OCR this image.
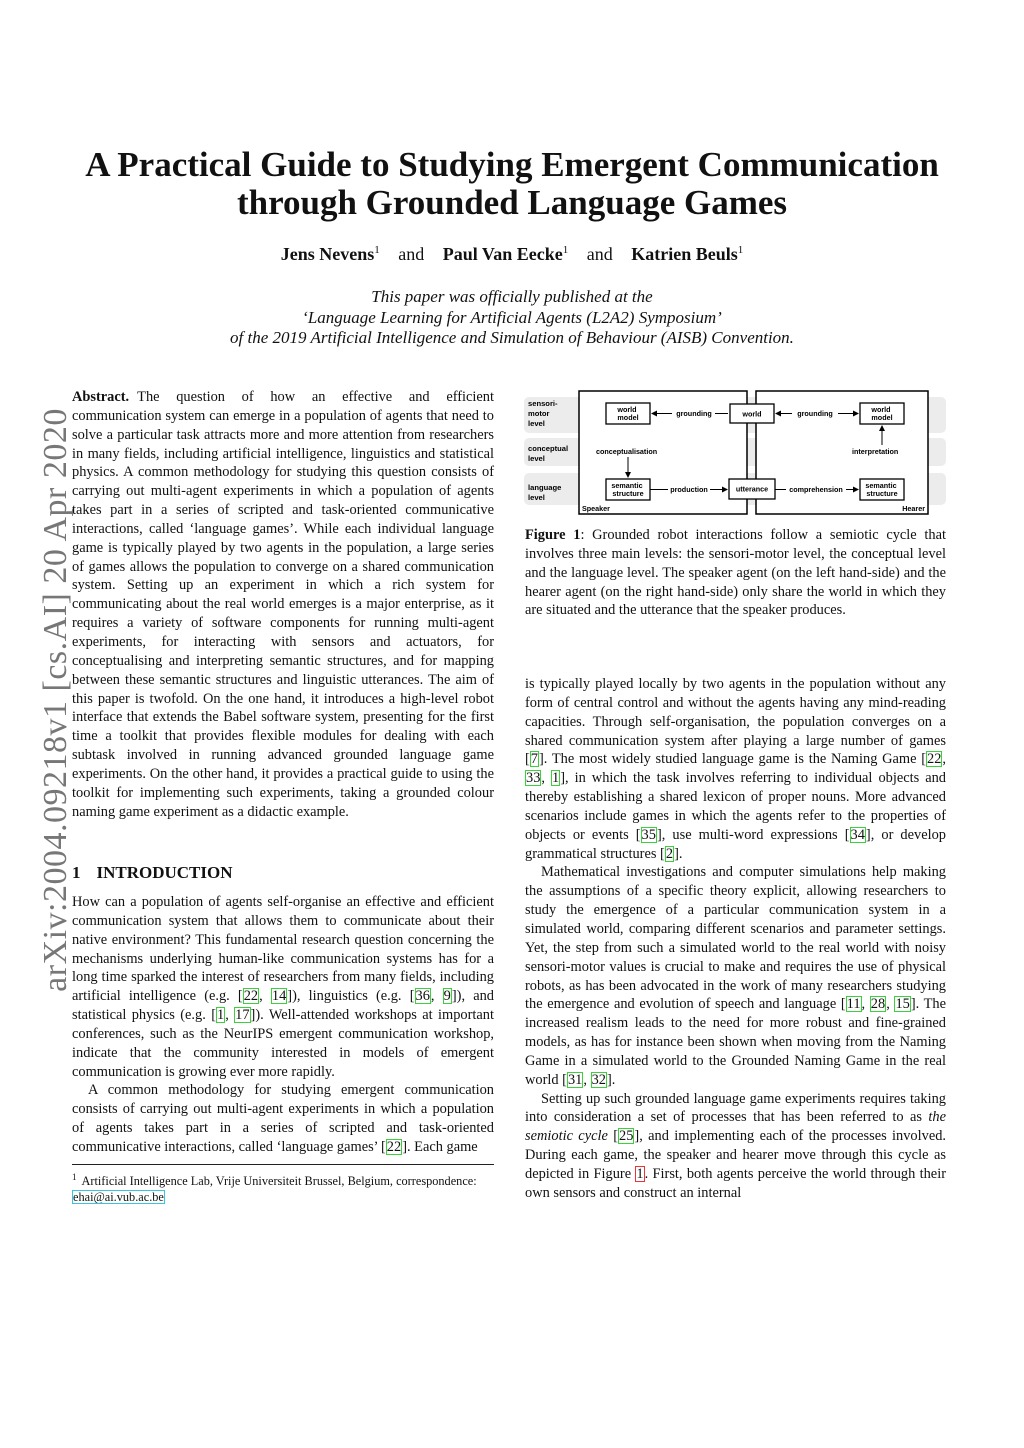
arXiv:2004.09218v1 [cs.AI] 20 Apr 2020
A Practical Guide to Studying Emergent Communication
through Grounded Language Games
Jens Nevens$^1$ and Paul Van Eecke$^1$ and Katrien Beuls$^1$
This paper was officially published at the
‘Language Learning for Artificial Agents (L2A2) Symposium’
of the 2019 Artificial Intelligence and Simulation of Behaviour (AISB) Convention.

Abstract. The question of how an effective and efficient communication system can emerge in a population of agents that need to solve a particular task attracts more and more attention from researchers in many fields, including artificial intelligence, linguistics and statistical physics. A common methodology for studying this question consists of carrying out multi-agent experiments in which a population of agents takes part in a series of scripted and task-oriented communicative interactions, called ‘language games’. While each individual language game is typically played by two agents in the population, a large series of games allows the population to converge on a shared communication system. Setting up an experiment in which a rich system for communicating about the real world emerges is a major enterprise, as it requires a variety of software components for running multi-agent experiments, for interacting with sensors and actuators, for conceptualising and interpreting semantic structures, and for mapping between these semantic structures and linguistic utterances. The aim of this paper is twofold. On the one hand, it introduces a high-level robot interface that extends the Babel software system, presenting for the first time a toolkit that provides flexible modules for dealing with each subtask involved in running advanced grounded language game experiments. On the other hand, it provides a practical guide to using the toolkit for implementing such experiments, taking a grounded colour naming game experiment as a didactic example.

1 INTRODUCTION

How can a population of agents self-organise an effective and efficient communication system that allows them to communicate about their native environment? This fundamental research question concerning the mechanisms underlying human-like communication systems has for a long time sparked the interest of researchers from many fields, including artificial intelligence (e.g. [22, 14]), linguistics (e.g. [36, 9]), and statistical physics (e.g. [1, 17]). Well-attended workshops at important conferences, such as the NeurIPS emergent communication workshop, indicate that the community interested in models of emergent communication is growing ever more rapidly.

A common methodology for studying emergent communication consists of carrying out multi-agent experiments in which a population of agents takes part in a series of scripted and task-oriented communicative interactions, called ‘language games’ [22]. Each game

$^1$ Artificial Intelligence Lab, Vrije Universiteit Brussel, Belgium, correspondence: ehai@ai.vub.ac.be
sensori- motor level
conceptual level
language level
world model	world	world model
semantic structure	utterance	semantic structure
grounding	grounding
conceptualisation	interpretation
production	comprehension
Speaker	Hearer

Figure 1: Grounded robot interactions follow a semiotic cycle that involves three main levels: the sensori-motor level, the conceptual level and the language level. The speaker agent (on the left hand-side) and the hearer agent (on the right hand-side) only share the world in which they are situated and the utterance that the speaker produces.

is typically played locally by two agents in the population without any form of central control and without the agents having any mind-reading capacities. Through self-organisation, the population converges on a shared communication system after playing a large number of games [7]. The most widely studied language game is the Naming Game [22, 33, 1], in which the task involves referring to individual objects and thereby establishing a shared lexicon of proper nouns. More advanced scenarios include games in which the agents refer to the properties of objects or events [35], use multi-word expressions [34], or develop grammatical structures [2].

Mathematical investigations and computer simulations help making the assumptions of a specific theory explicit, allowing researchers to study the emergence of a particular communication system in a simulated world, comparing different scenarios and parameter settings. Yet, the step from such a simulated world to the real world with noisy sensori-motor values is crucial to make and requires the use of physical robots, as has been advocated in the work of many researchers studying the emergence and evolution of speech and language [11, 28, 15]. The increased realism leads to the need for more robust and fine-grained models, as has for instance been shown when moving from the Naming Game in a simulated world to the Grounded Naming Game in the real world [31, 32].

Setting up such grounded language game experiments requires taking into consideration a set of processes that has been referred to as the semiotic cycle [25], and implementing each of the processes involved. During each game, the speaker and hearer move through this cycle as depicted in Figure 1. First, both agents perceive the world through their own sensors and construct an internal
